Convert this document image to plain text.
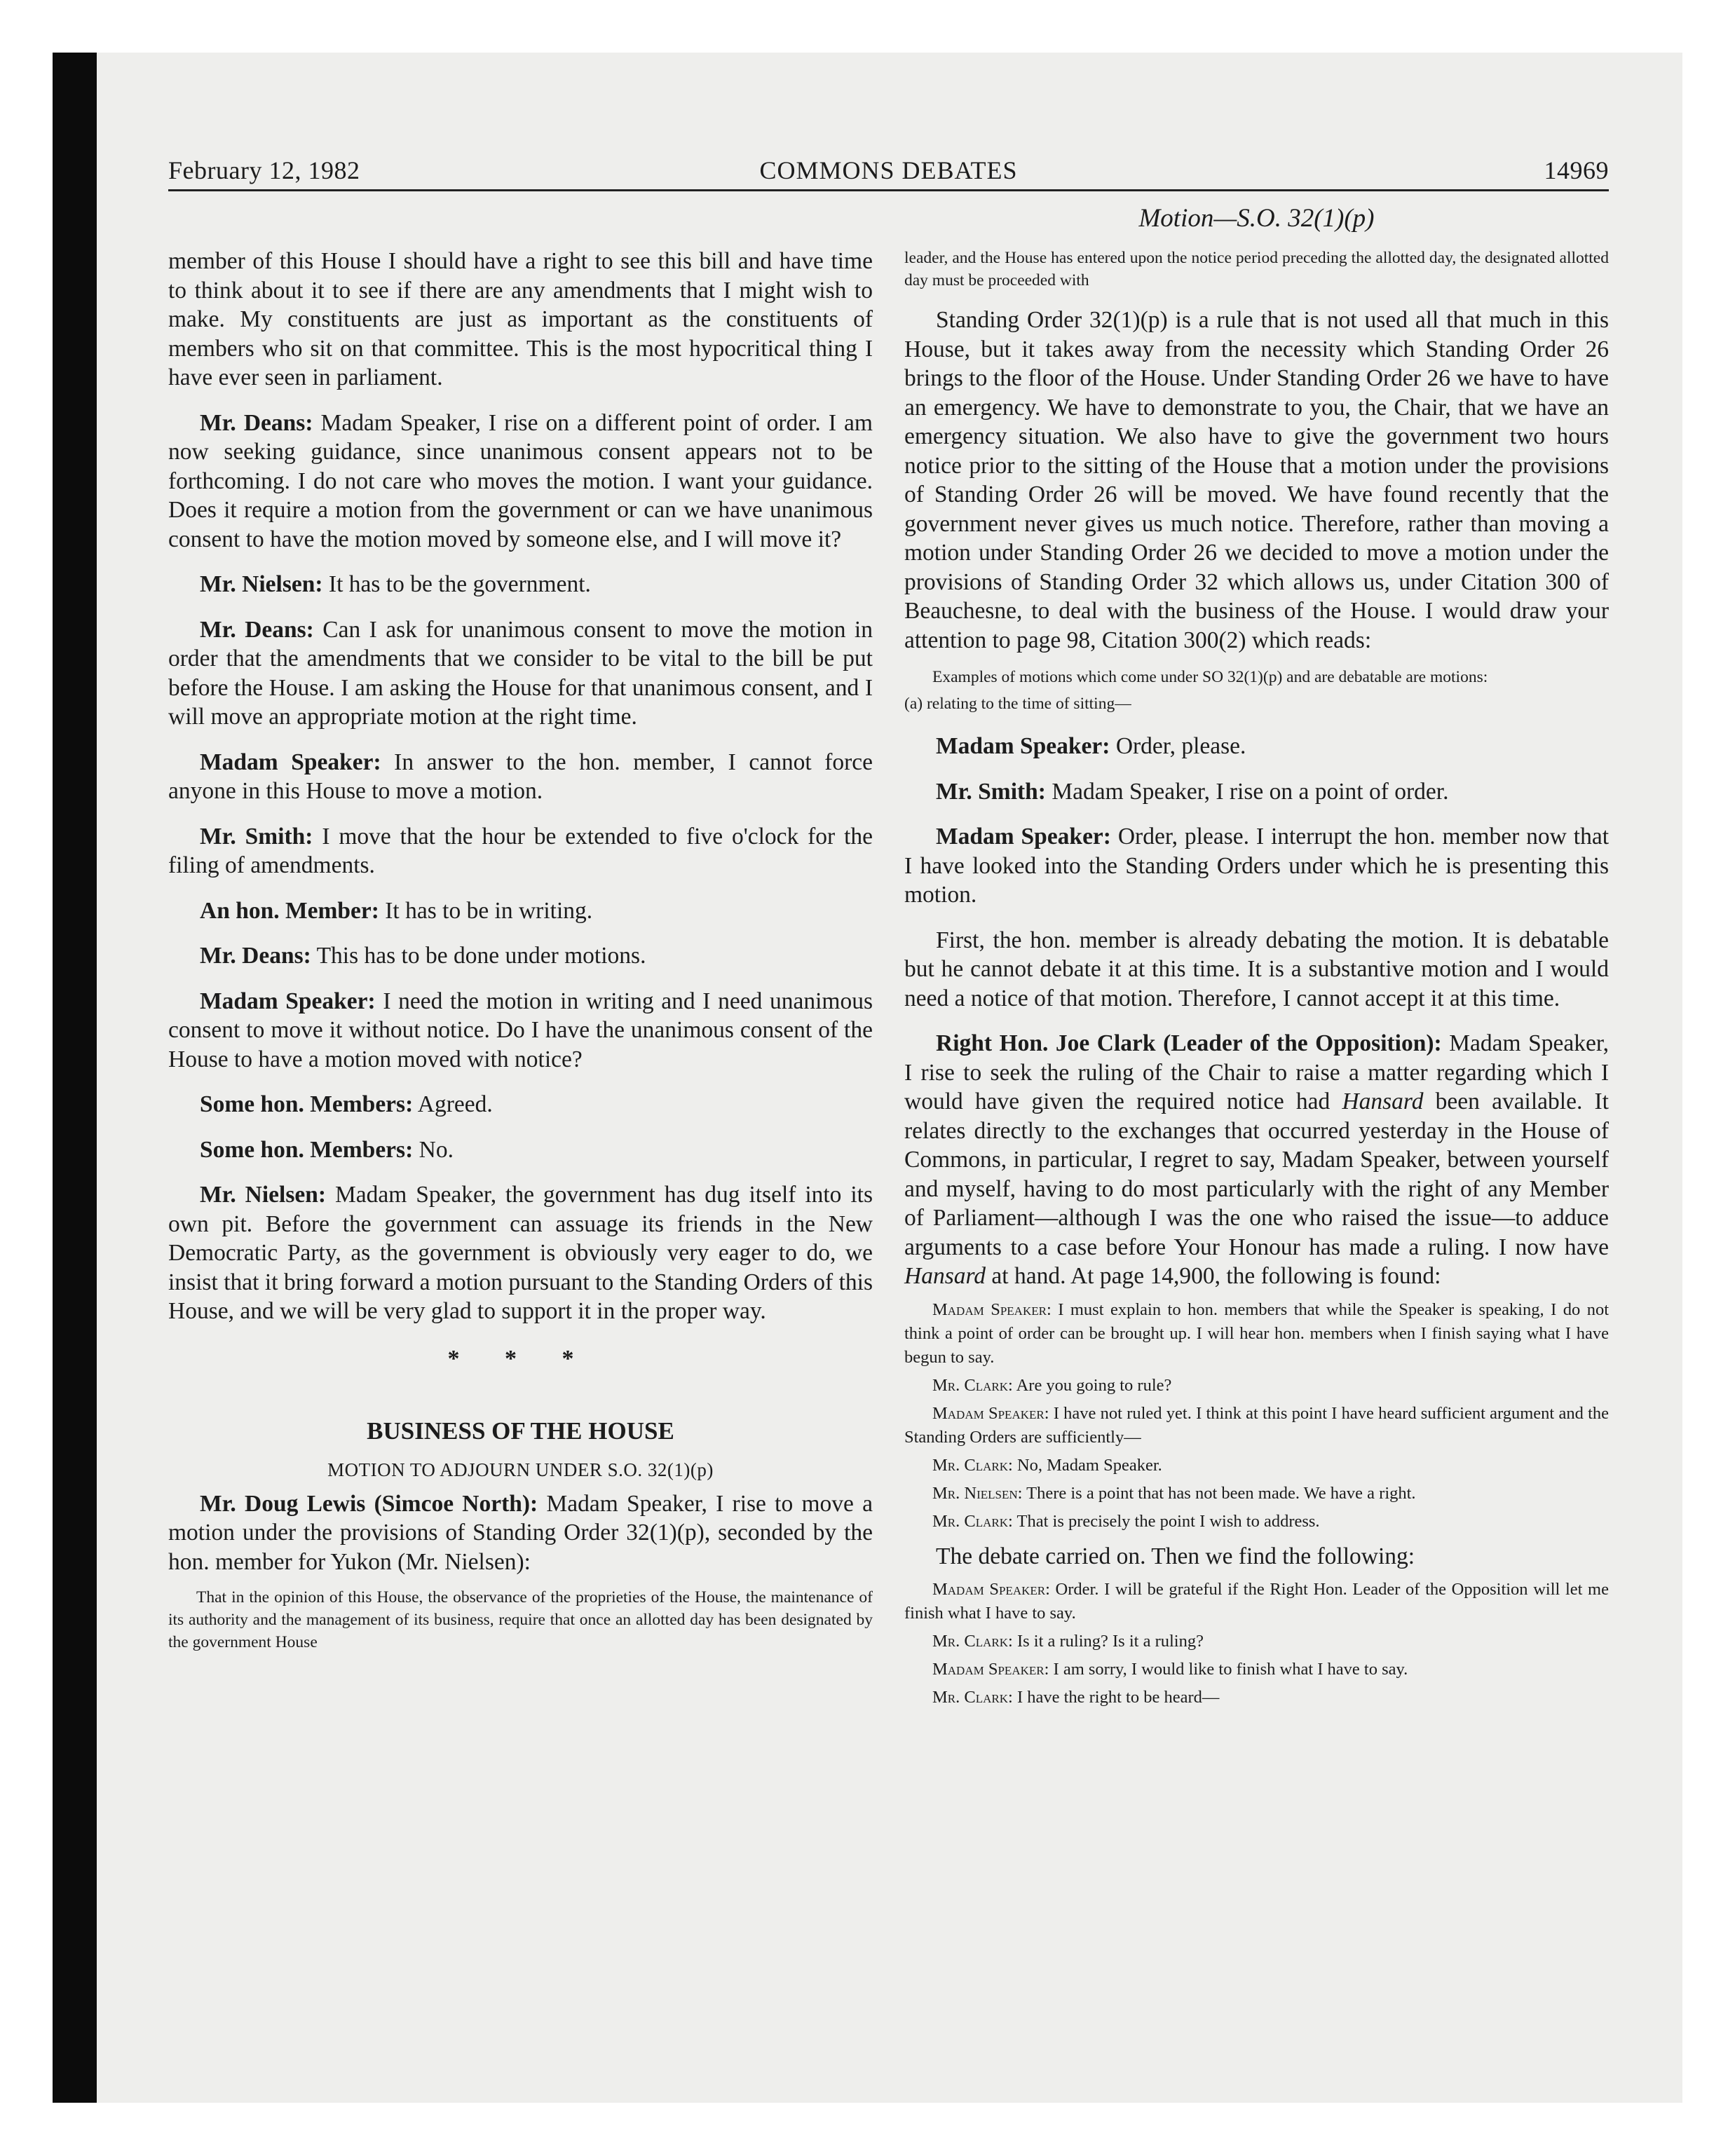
February 12, 1982	COMMONS DEBATES	14969
Motion—S.O. 32(1)(p)

member of this House I should have a right to see this bill and have time to think about it to see if there are any amendments that I might wish to make. My constituents are just as important as the constituents of members who sit on that committee. This is the most hypocritical thing I have ever seen in parliament.

Mr. Deans: Madam Speaker, I rise on a different point of order. I am now seeking guidance, since unanimous consent appears not to be forthcoming. I do not care who moves the motion. I want your guidance. Does it require a motion from the government or can we have unanimous consent to have the motion moved by someone else, and I will move it?

Mr. Nielsen: It has to be the government.

Mr. Deans: Can I ask for unanimous consent to move the motion in order that the amendments that we consider to be vital to the bill be put before the House. I am asking the House for that unanimous consent, and I will move an appropriate motion at the right time.

Madam Speaker: In answer to the hon. member, I cannot force anyone in this House to move a motion.

Mr. Smith: I move that the hour be extended to five o'clock for the filing of amendments.

An hon. Member: It has to be in writing.

Mr. Deans: This has to be done under motions.

Madam Speaker: I need the motion in writing and I need unanimous consent to move it without notice. Do I have the unanimous consent of the House to have a motion moved with notice?

Some hon. Members: Agreed.

Some hon. Members: No.

Mr. Nielsen: Madam Speaker, the government has dug itself into its own pit. Before the government can assuage its friends in the New Democratic Party, as the government is obviously very eager to do, we insist that it bring forward a motion pursuant to the Standing Orders of this House, and we will be very glad to support it in the proper way.

* * *
BUSINESS OF THE HOUSE
MOTION TO ADJOURN UNDER S.O. 32(1)(p)

Mr. Doug Lewis (Simcoe North): Madam Speaker, I rise to move a motion under the provisions of Standing Order 32(1)(p), seconded by the hon. member for Yukon (Mr. Nielsen):

That in the opinion of this House, the observance of the proprieties of the House, the maintenance of its authority and the management of its business, require that once an allotted day has been designated by the government House

leader, and the House has entered upon the notice period preceding the allotted day, the designated allotted day must be proceeded with

Standing Order 32(1)(p) is a rule that is not used all that much in this House, but it takes away from the necessity which Standing Order 26 brings to the floor of the House. Under Standing Order 26 we have to have an emergency. We have to demonstrate to you, the Chair, that we have an emergency situation. We also have to give the government two hours notice prior to the sitting of the House that a motion under the provisions of Standing Order 26 will be moved. We have found recently that the government never gives us much notice. Therefore, rather than moving a motion under Standing Order 26 we decided to move a motion under the provisions of Standing Order 32 which allows us, under Citation 300 of Beauchesne, to deal with the business of the House. I would draw your attention to page 98, Citation 300(2) which reads:

Examples of motions which come under SO 32(1)(p) and are debatable are motions:

(a) relating to the time of sitting—

Madam Speaker: Order, please.

Mr. Smith: Madam Speaker, I rise on a point of order.

Madam Speaker: Order, please. I interrupt the hon. member now that I have looked into the Standing Orders under which he is presenting this motion.

First, the hon. member is already debating the motion. It is debatable but he cannot debate it at this time. It is a substantive motion and I would need a notice of that motion. Therefore, I cannot accept it at this time.

Right Hon. Joe Clark (Leader of the Opposition): Madam Speaker, I rise to seek the ruling of the Chair to raise a matter regarding which I would have given the required notice had Hansard been available. It relates directly to the exchanges that occurred yesterday in the House of Commons, in particular, I regret to say, Madam Speaker, between yourself and myself, having to do most particularly with the right of any Member of Parliament—although I was the one who raised the issue—to adduce arguments to a case before Your Honour has made a ruling. I now have Hansard at hand. At page 14,900, the following is found:

Madam Speaker: I must explain to hon. members that while the Speaker is speaking, I do not think a point of order can be brought up. I will hear hon. members when I finish saying what I have begun to say.

Mr. Clark: Are you going to rule?

Madam Speaker: I have not ruled yet. I think at this point I have heard sufficient argument and the Standing Orders are sufficiently—

Mr. Clark: No, Madam Speaker.

Mr. Nielsen: There is a point that has not been made. We have a right.

Mr. Clark: That is precisely the point I wish to address.

The debate carried on. Then we find the following:

Madam Speaker: Order. I will be grateful if the Right Hon. Leader of the Opposition will let me finish what I have to say.

Mr. Clark: Is it a ruling? Is it a ruling?

Madam Speaker: I am sorry, I would like to finish what I have to say.

Mr. Clark: I have the right to be heard—
